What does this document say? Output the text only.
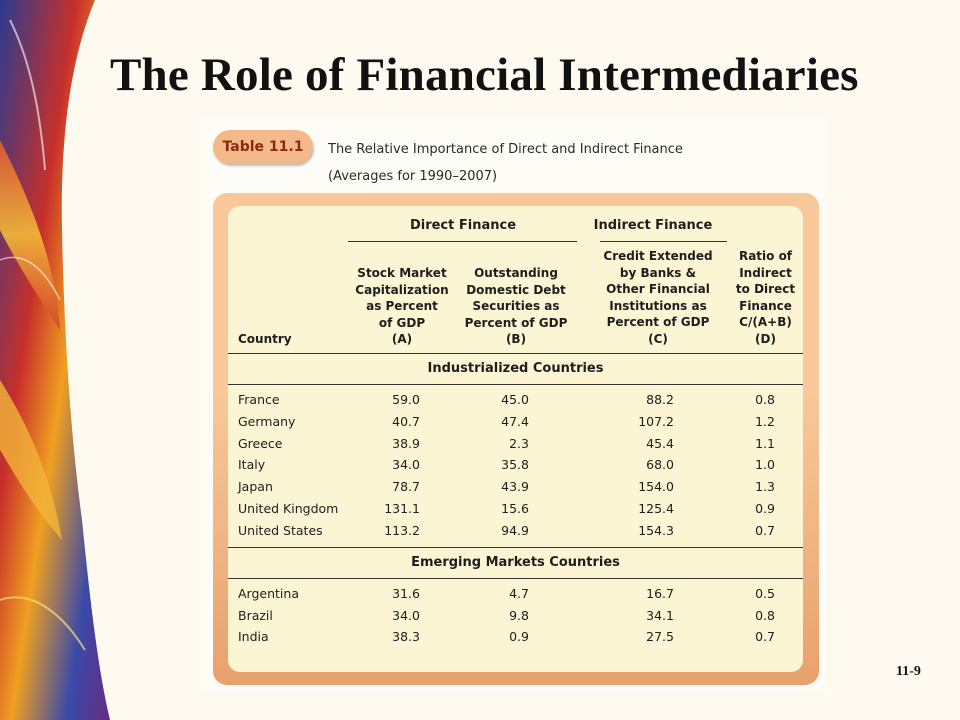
The Role of Financial Intermediaries
Table 11.1	The Relative Importance of Direct and Indirect Finance
(Averages for 1990–2007)
Direct Finance	Indirect Finance
Country
Stock Market
Capitalization
as Percent
of GDP
(A)
Outstanding
Domestic Debt
Securities as
Percent of GDP
(B)
Credit Extended
by Banks &
Other Financial
Institutions as
Percent of GDP
(C)
Ratio of
Indirect
to Direct
Finance
C/(A+B)
(D)
Industrialized Countries
France	59.0	45.0	88.2	0.8
Germany	40.7	47.4	107.2	1.2
Greece	38.9	2.3	45.4	1.1
Italy	34.0	35.8	68.0	1.0
Japan	78.7	43.9	154.0	1.3
United Kingdom	131.1	15.6	125.4	0.9
United States	113.2	94.9	154.3	0.7
Emerging Markets Countries
Argentina	31.6	4.7	16.7	0.5
Brazil	34.0	9.8	34.1	0.8
India	38.3	0.9	27.5	0.7
11-9
